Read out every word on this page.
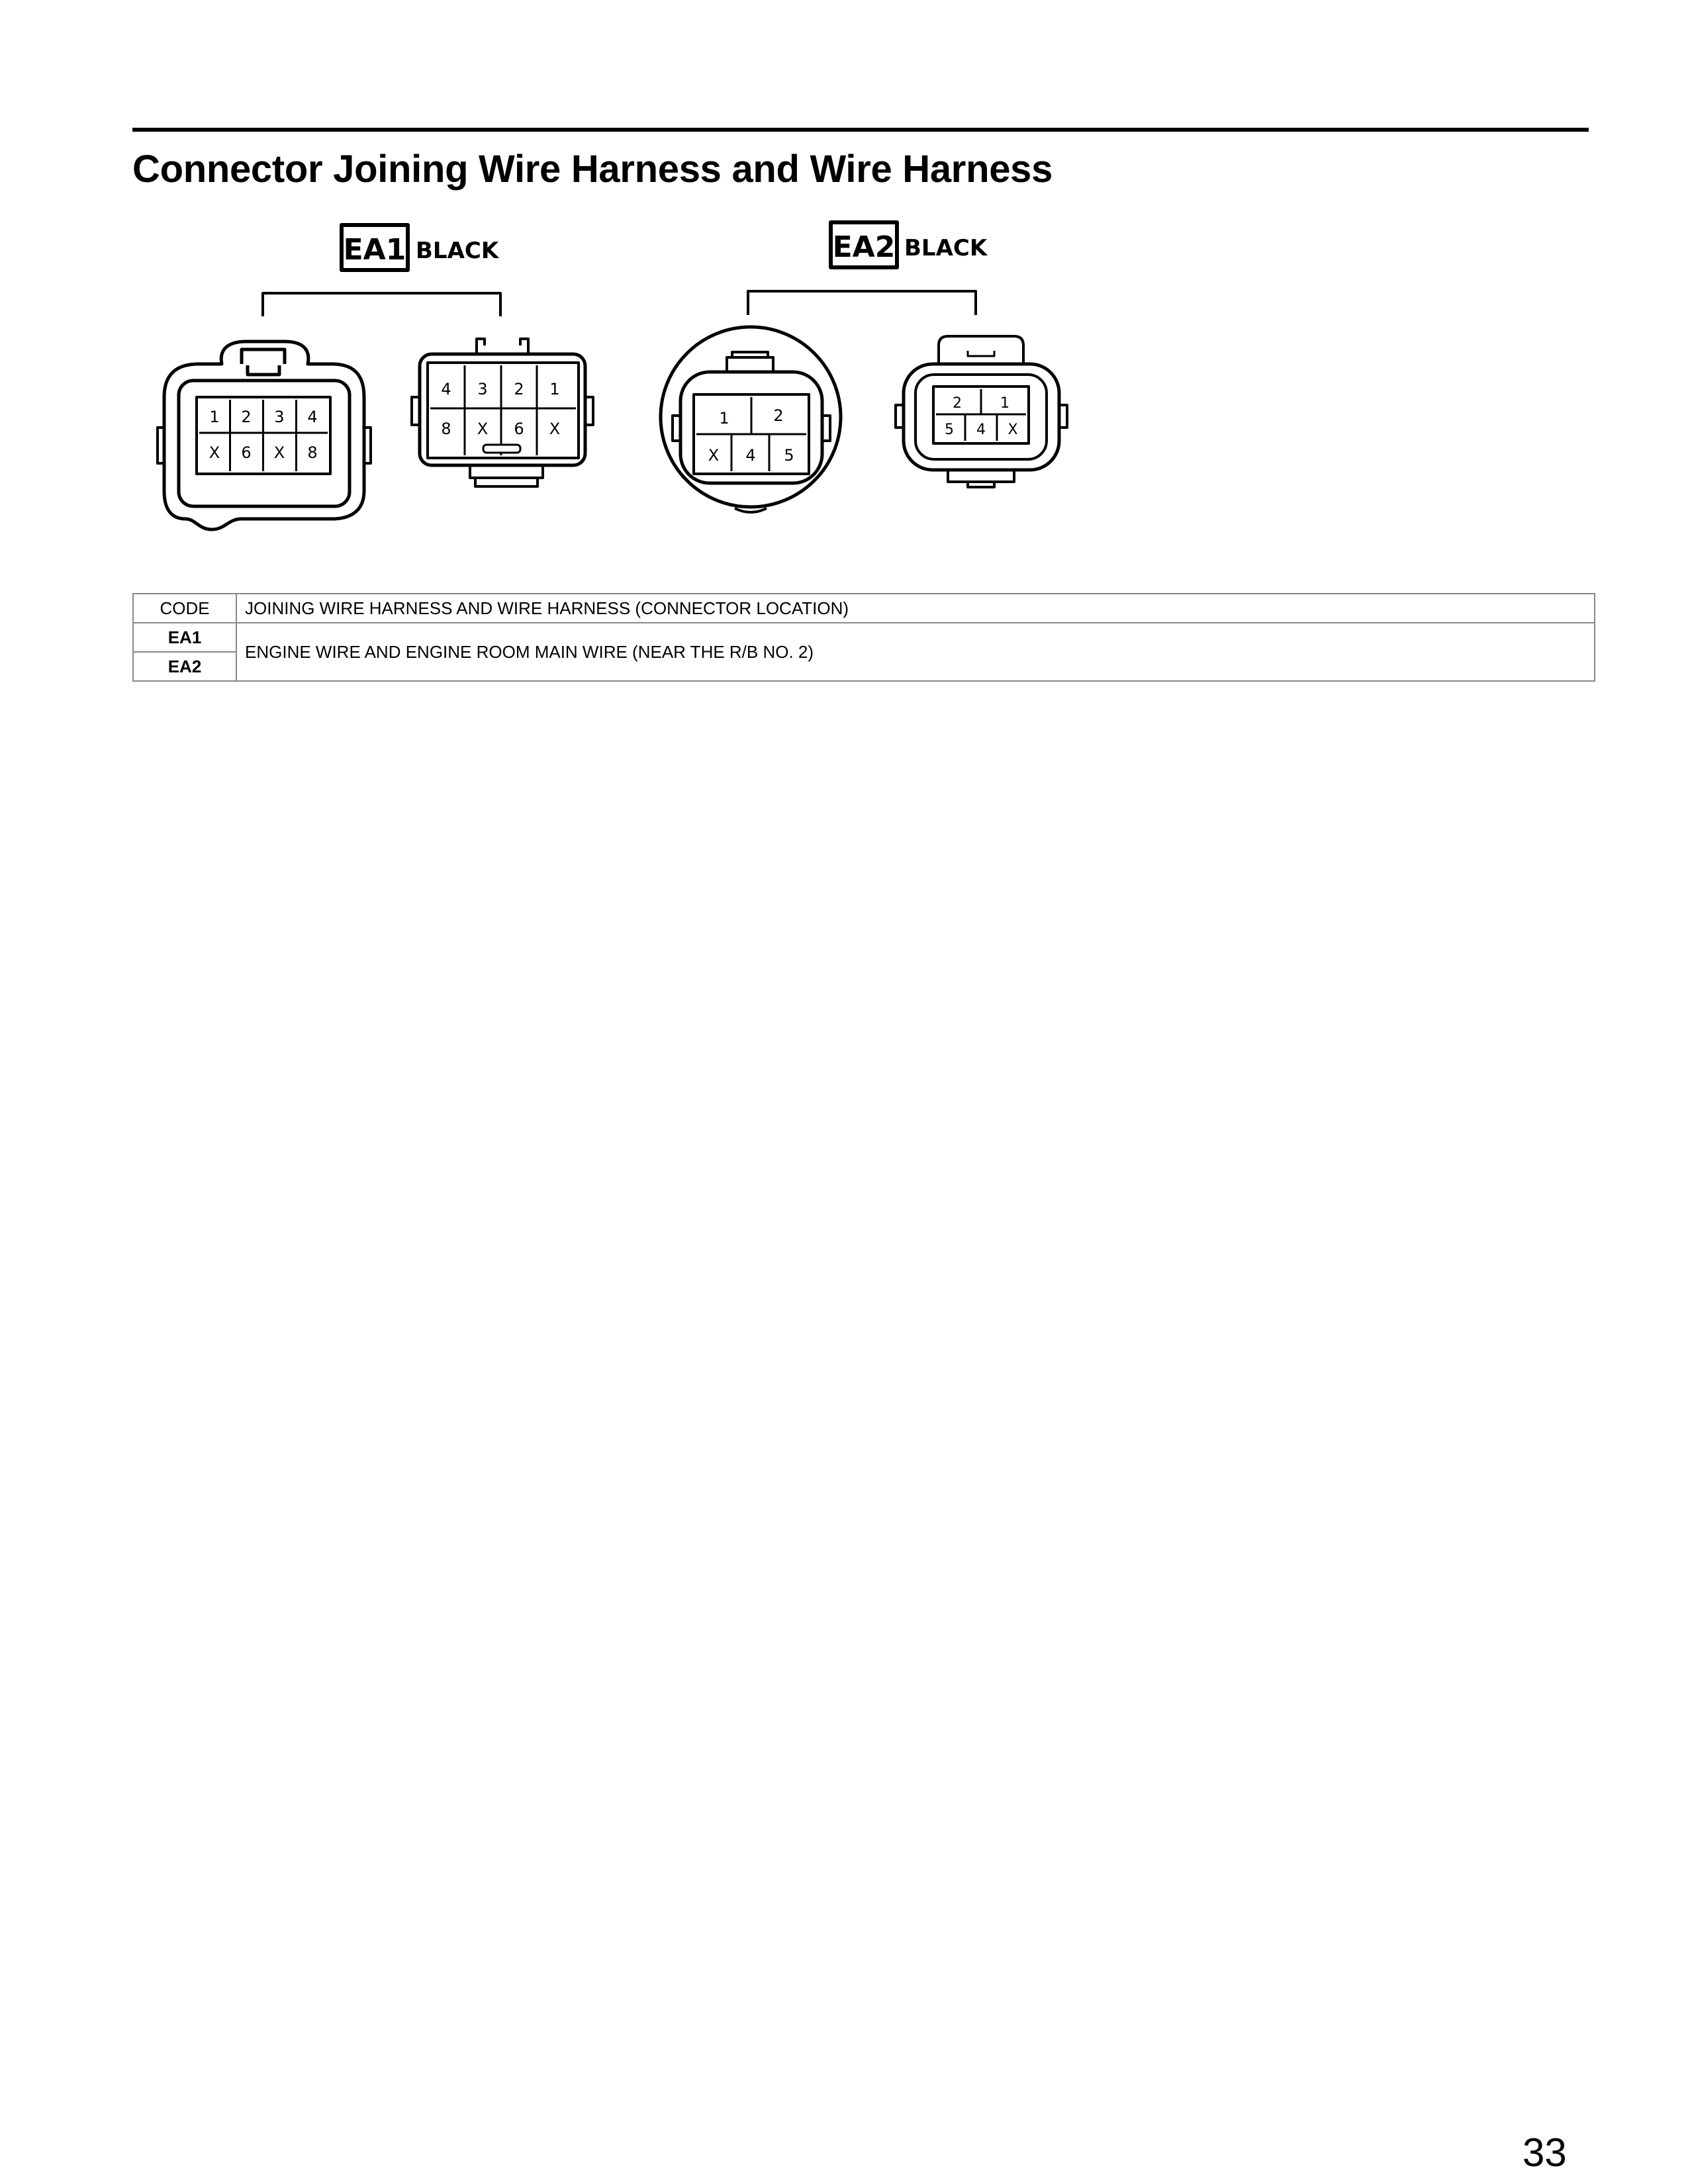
Connector Joining Wire Harness and Wire Harness
EA1 BLACK
1 2 3 4
X 6 X 8
4 3 2 1
8 X 6 X
EA2 BLACK
1	2
X 4 5
2	1
5 4 X
CODE	JOINING WIRE HARNESS AND WIRE HARNESS (CONNECTOR LOCATION)
EA1	ENGINE WIRE AND ENGINE ROOM MAIN WIRE (NEAR THE R/B NO. 2)
EA2	
33
